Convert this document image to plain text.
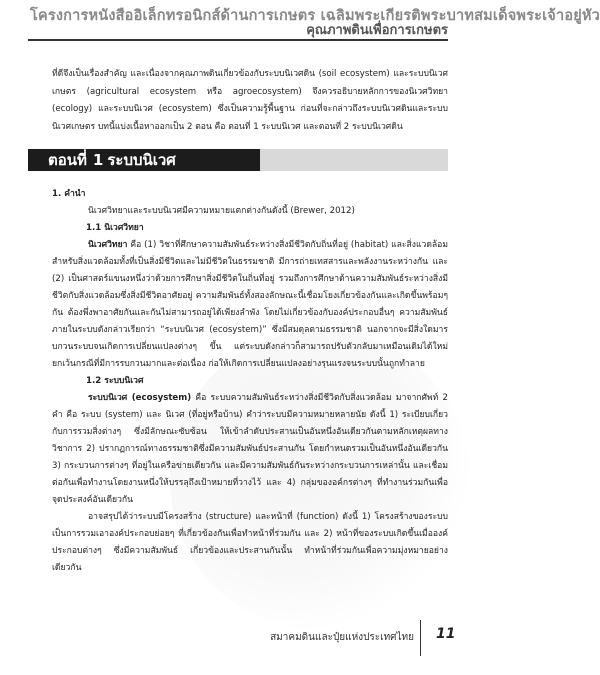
โครงการหนังสืออิเล็กทรอนิกส์ด้านการเกษตร เฉลิมพระเกียรติพระบาทสมเด็จพระเจ้าอยู่หัว
คุณภาพดินเพื่อการเกษตร

ที่ดีจึงเป็นเรื่องสำคัญ และเนื่องจากคุณภาพดินเกี่ยวข้องกับระบบนิเวศดิน (soil ecosystem) และระบบนิเวศเกษตร (agricultural ecosystem หรือ agroecosystem) จึงควรอธิบายหลักการของนิเวศวิทยา (ecology) และระบบนิเวศ (ecosystem) ซึ่งเป็นความรู้พื้นฐาน ก่อนที่จะกล่าวถึงระบบนิเวศดินและระบบนิเวศเกษตร บทนี้แบ่งเนื้อหาออกเป็น 2 ตอน คือ ตอนที่ 1 ระบบนิเวศ และตอนที่ 2 ระบบนิเวศดิน

ตอนที่ 1 ระบบนิเวศ

1. คำนำ

นิเวศวิทยาและระบบนิเวศมีความหมายแตกต่างกันดังนี้ (Brewer, 2012)

1.1 นิเวศวิทยา

นิเวศวิทยา คือ (1) วิชาที่ศึกษาความสัมพันธ์ระหว่างสิ่งมีชีวิตกับถิ่นที่อยู่ (habitat) และสิ่งแวดล้อม สำหรับสิ่งแวดล้อมทั้งที่เป็นสิ่งมีชีวิตและไม่มีชีวิตในธรรมชาติ มีการถ่ายเทสสารและพลังงานระหว่างกัน และ (2) เป็นศาสตร์แขนงหนึ่งว่าด้วยการศึกษาสิ่งมีชีวิตในถิ่นที่อยู่ รวมถึงการศึกษาด้านความสัมพันธ์ระหว่างสิ่งมีชีวิตกับสิ่งแวดล้อมซึ่งสิ่งมีชีวิตอาศัยอยู่ ความสัมพันธ์ทั้งสองลักษณะนี้เชื่อมโยงเกี่ยวข้องกันและเกิดขึ้นพร้อมๆ กัน ต้องพึ่งพาอาศัยกันและกันไม่สามารถอยู่ได้เพียงลำพัง โดยไม่เกี่ยวข้องกับองค์ประกอบอื่นๆ ความสัมพันธ์ภายในระบบดังกล่าวเรียกว่า “ระบบนิเวศ (ecosystem)” ซึ่งมีสมดุลตามธรรมชาติ นอกจากจะมีสิ่งใดมารบกวนระบบจนเกิดการเปลี่ยนแปลงต่างๆ ขึ้น แต่ระบบดังกล่าวก็สามารถปรับตัวกลับมาเหมือนเดิมได้ใหม่ ยกเว้นกรณีที่มีการรบกวนมากและต่อเนื่อง ก่อให้เกิดการเปลี่ยนแปลงอย่างรุนแรงจนระบบนั้นถูกทำลาย

1.2 ระบบนิเวศ

ระบบนิเวศ (ecosystem) คือ ระบบความสัมพันธ์ระหว่างสิ่งมีชีวิตกับสิ่งแวดล้อม มาจากศัพท์ 2 คำ คือ ระบบ (system) และ นิเวศ (ที่อยู่หรือบ้าน) คำว่าระบบมีความหมายหลายนัย ดังนี้ 1) ระเบียบเกี่ยวกับการรวมสิ่งต่างๆ ซึ่งมีลักษณะซับซ้อน ให้เข้าลำดับประสานเป็นอันหนึ่งอันเดียวกันตามหลักเหตุผลทางวิชาการ 2) ปรากฏการณ์ทางธรรมชาติซึ่งมีความสัมพันธ์ประสานกัน โดยกำหนดรวมเป็นอันหนึ่งอันเดียวกัน 3) กระบวนการต่างๆ ที่อยู่ในเครือข่ายเดียวกัน และมีความสัมพันธ์กันระหว่างกระบวนการเหล่านั้น และเชื่อมต่อกันเพื่อทำงานโดยงานหนึ่งให้บรรลุถึงเป้าหมายที่วางไว้ และ 4) กลุ่มของอค์กรต่างๆ ที่ทำงานร่วมกันเพื่อจุดประสงค์อันเดียวกัน

อาจสรุปได้ว่าระบบมีโครงสร้าง (structure) และหน้าที่ (function) ดังนี้ 1) โครงสร้างของระบบ เป็นการรวมเอาองค์ประกอบย่อยๆ ที่เกี่ยวข้องกันเพื่อทำหน้าที่ร่วมกัน และ 2) หน้าที่ของระบบเกิดขึ้นเมื่อองค์ประกอบต่างๆ ซึ่งมีความสัมพันธ์ เกี่ยวข้องและประสานกันนั้น ทำหน้าที่ร่วมกันเพื่อความมุ่งหมายอย่างเดียวกัน

สมาคมดินและปุ๋ยแห่งประเทศไทย 11
